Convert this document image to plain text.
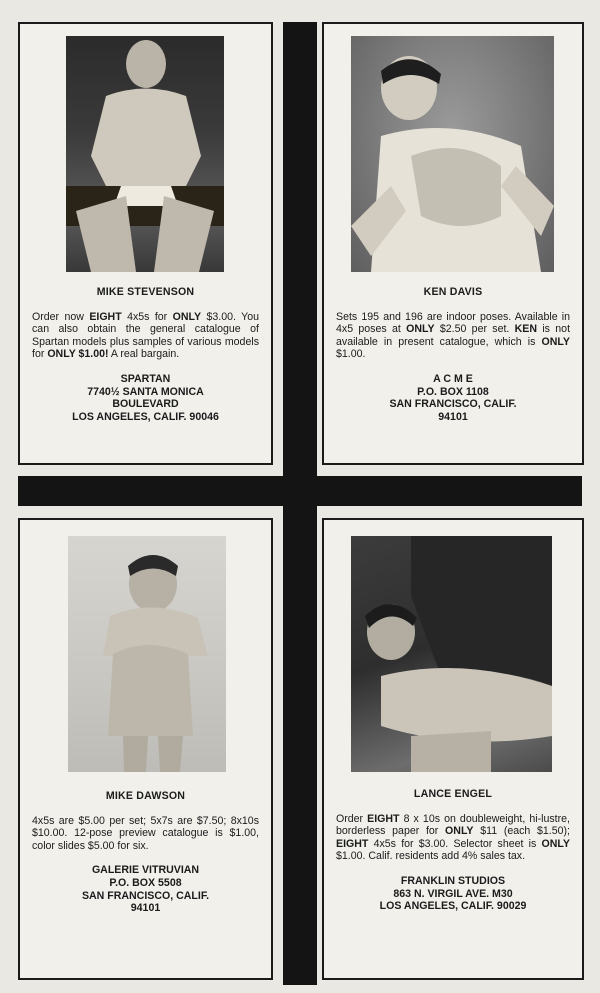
MIKE STEVENSON
Order now EIGHT 4x5s for ONLY $3.00. You can also obtain the general catalogue of Spartan models plus samples of various models for ONLY $1.00! A real bargain.
SPARTAN
7740½ SANTA MONICA
BOULEVARD
LOS ANGELES, CALIF. 90046
KEN DAVIS
Sets 195 and 196 are indoor poses. Available in 4x5 poses at ONLY $2.50 per set. KEN is not available in present catalogue, which is ONLY $1.00.
A C M E
P.O. BOX 1108
SAN FRANCISCO, CALIF.
94101
MIKE DAWSON
4x5s are $5.00 per set; 5x7s are $7.50; 8x10s $10.00. 12-pose preview catalogue is $1.00, color slides $5.00 for six.
GALERIE VITRUVIAN
P.O. BOX 5508
SAN FRANCISCO, CALIF.
94101
LANCE ENGEL
Order EIGHT 8 x 10s on doubleweight, hi-lustre, borderless paper for ONLY $11 (each $1.50); EIGHT 4x5s for $3.00. Selector sheet is ONLY $1.00. Calif. residents add 4% sales tax.
FRANKLIN STUDIOS
863 N. VIRGIL AVE. M30
LOS ANGELES, CALIF. 90029
